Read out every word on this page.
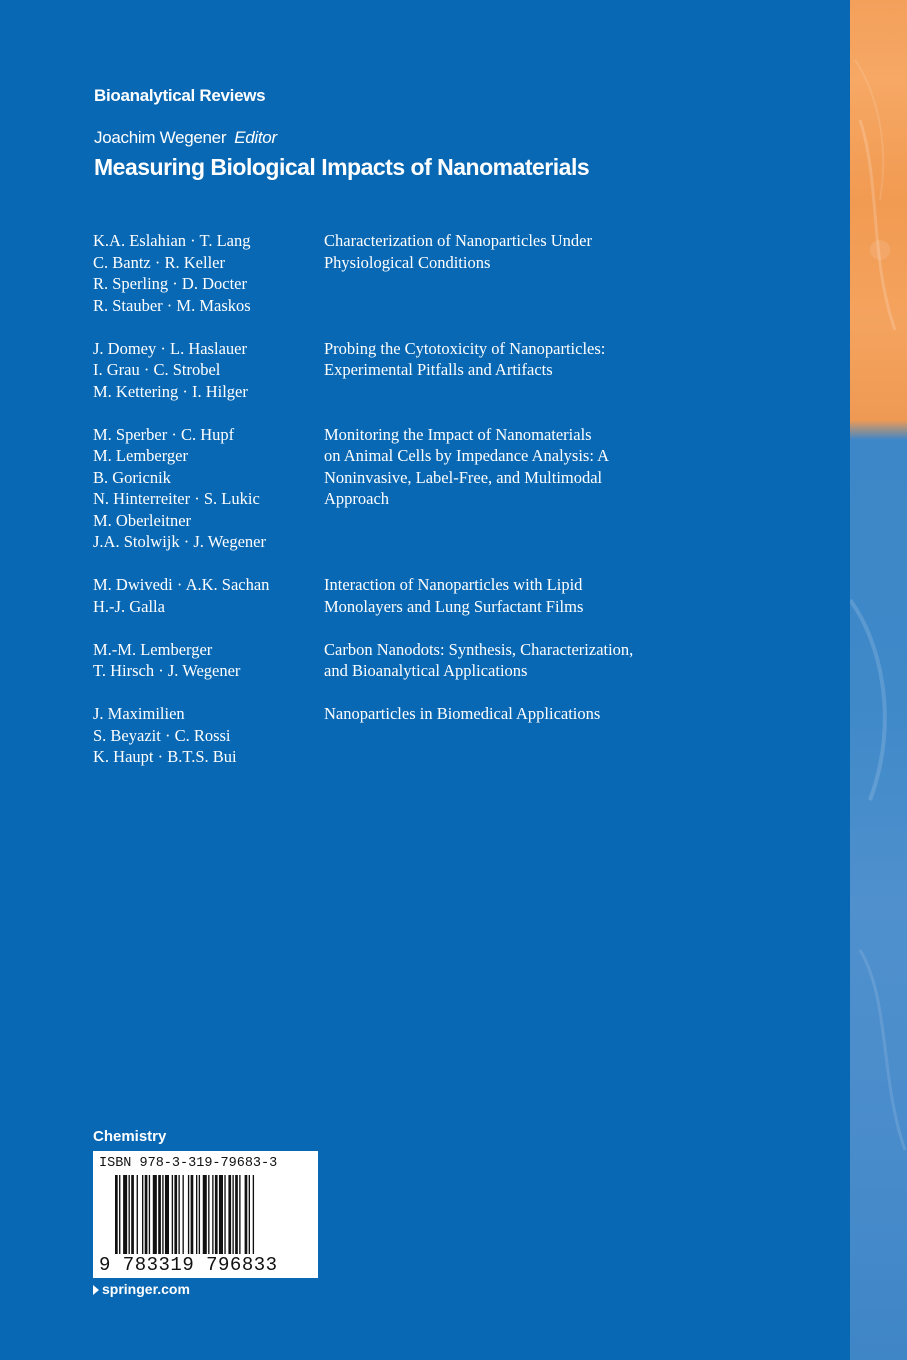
Bioanalytical Reviews
Joachim Wegener Editor
Measuring Biological Impacts of Nanomaterials
K.A. Eslahian · T. Lang
C. Bantz · R. Keller
R. Sperling · D. Docter
R. Stauber · M. Maskos
Characterization of Nanoparticles Under
Physiological Conditions
J. Domey · L. Haslauer
I. Grau · C. Strobel
M. Kettering · I. Hilger
Probing the Cytotoxicity of Nanoparticles:
Experimental Pitfalls and Artifacts
M. Sperber · C. Hupf
M. Lemberger
B. Goricnik
N. Hinterreiter · S. Lukic
M. Oberleitner
J.A. Stolwijk · J. Wegener
Monitoring the Impact of Nanomaterials
on Animal Cells by Impedance Analysis: A
Noninvasive, Label-Free, and Multimodal
Approach
M. Dwivedi · A.K. Sachan
H.-J. Galla
Interaction of Nanoparticles with Lipid
Monolayers and Lung Surfactant Films
M.-M. Lemberger
T. Hirsch · J. Wegener
Carbon Nanodots: Synthesis, Characterization,
and Bioanalytical Applications
J. Maximilien
S. Beyazit · C. Rossi
K. Haupt · B.T.S. Bui
Nanoparticles in Biomedical Applications
Chemistry
ISBN 978-3-319-79683-3
9 783319 796833
springer.com
